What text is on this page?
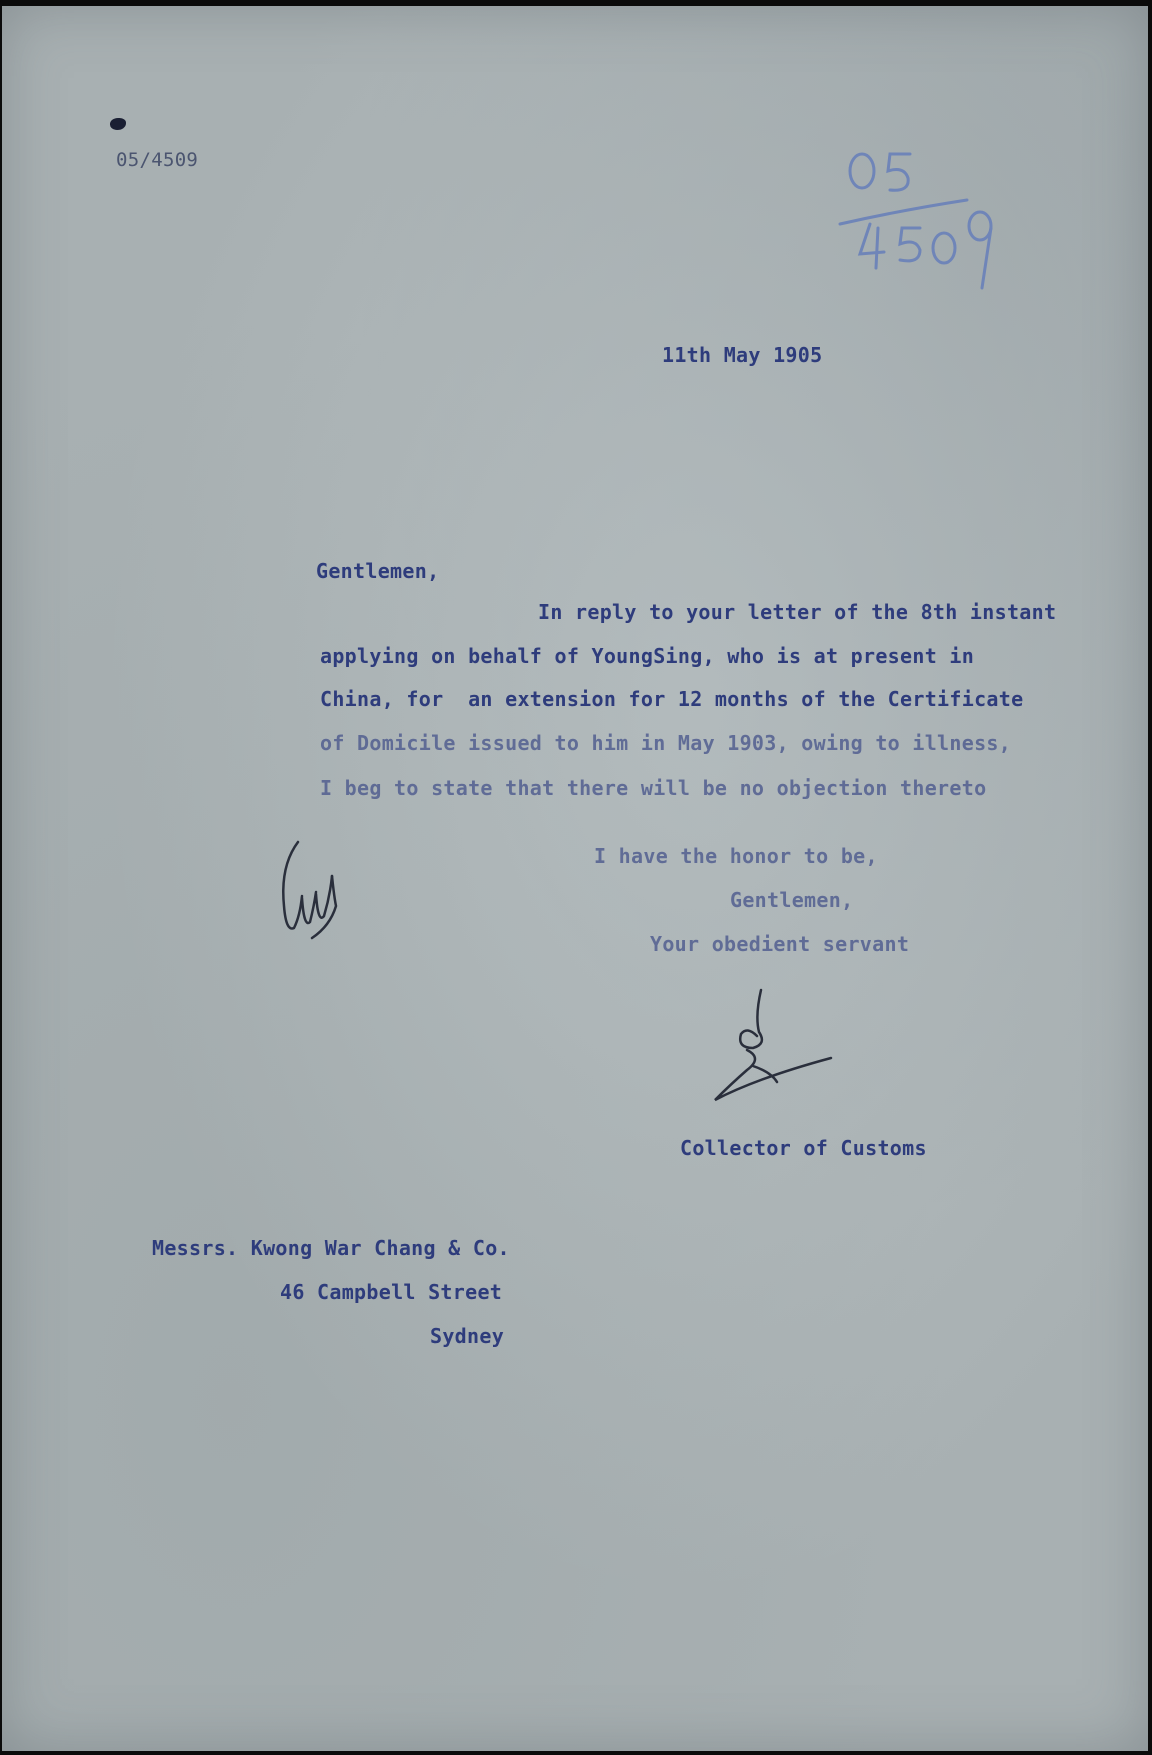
05/4509
11th May 1905
Gentlemen,
In reply to your letter of the 8th instant
applying on behalf of YoungSing, who is at present in
China, for  an extension for 12 months of the Certificate
of Domicile issued to him in May 1903, owing to illness,
I beg to state that there will be no objection thereto
I have the honor to be,
Gentlemen,
Your obedient servant
Collector of Customs
Messrs. Kwong War Chang & Co.
46 Campbell Street
Sydney
